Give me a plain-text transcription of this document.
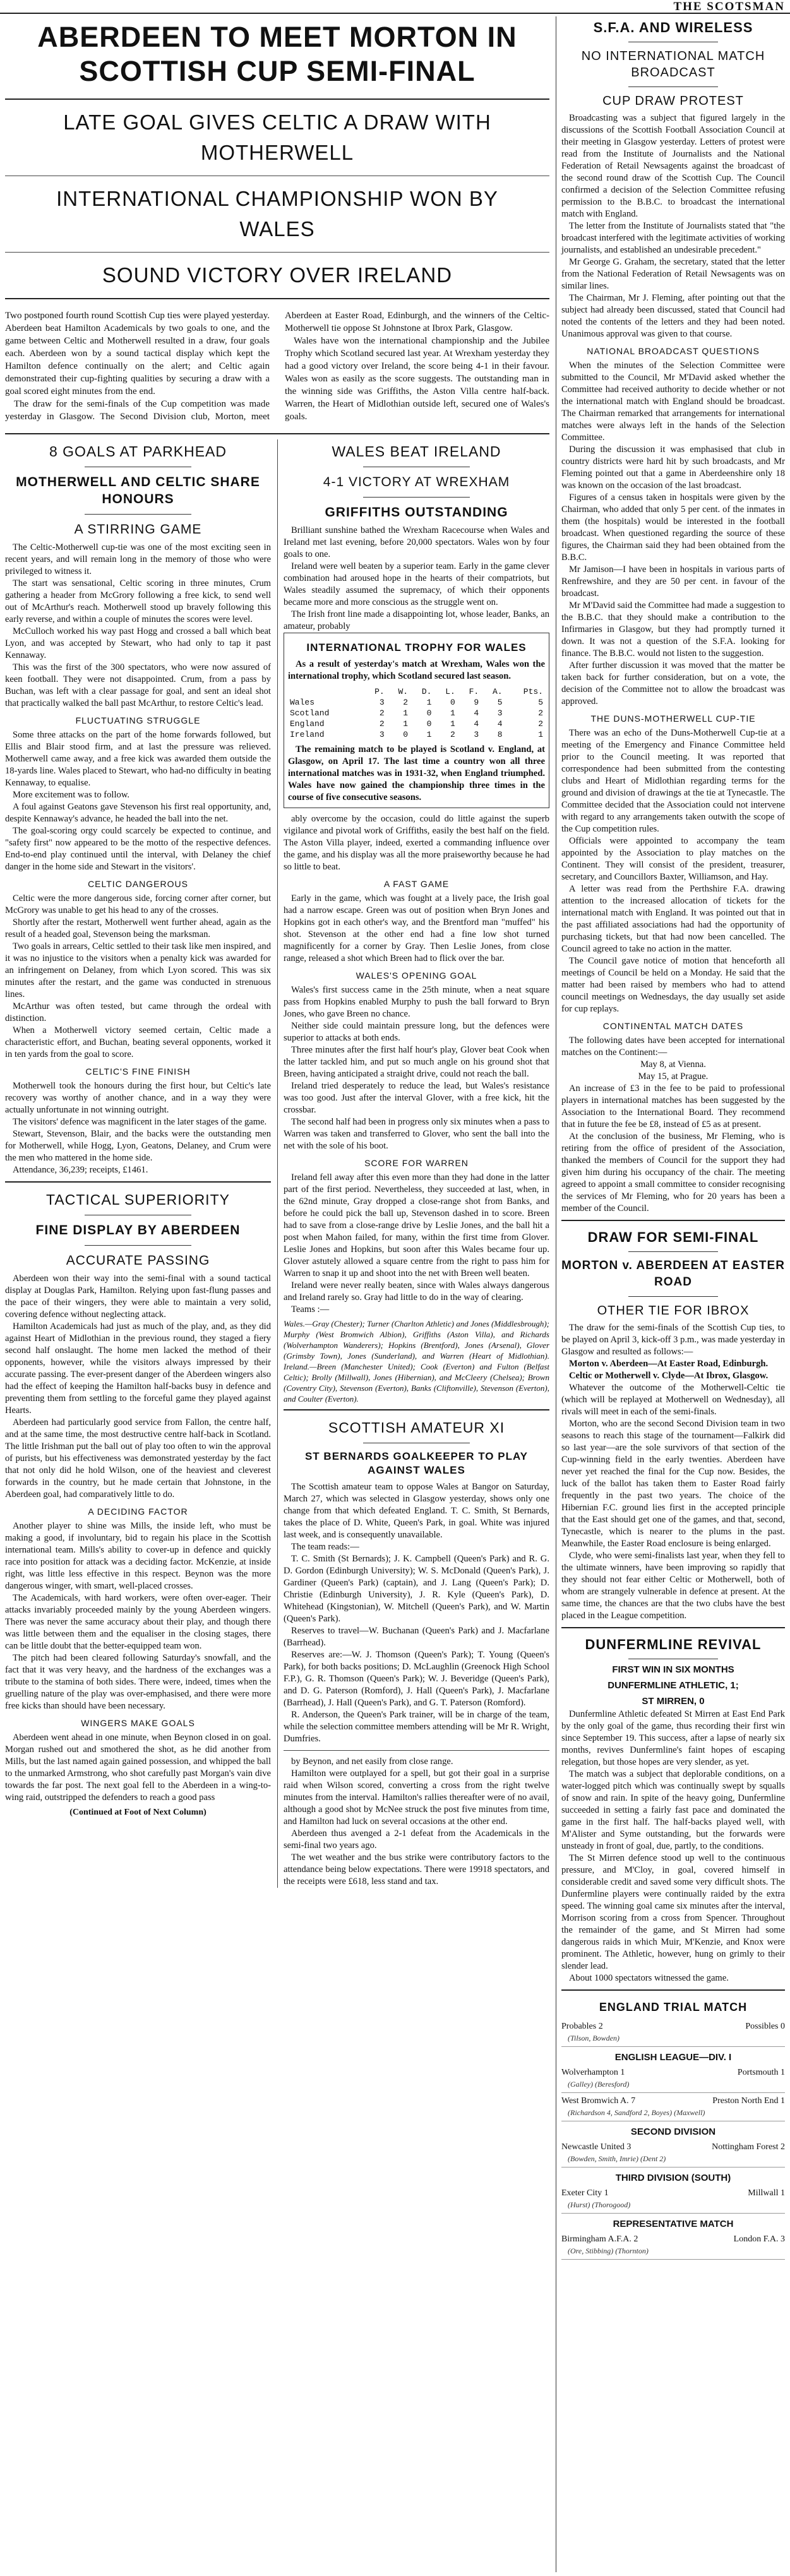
THE SCOTSMAN
ABERDEEN TO MEET MORTON IN SCOTTISH CUP SEMI-FINAL
LATE GOAL GIVES CELTIC A DRAW WITH MOTHERWELL
INTERNATIONAL CHAMPIONSHIP WON BY WALES
SOUND VICTORY OVER IRELAND

Two postponed fourth round Scottish Cup ties were played yesterday. Aberdeen beat Hamilton Academicals by two goals to one, and the game between Celtic and Motherwell resulted in a draw, four goals each. Aberdeen won by a sound tactical display which kept the Hamilton defence continually on the alert; and Celtic again demonstrated their cup-fighting qualities by securing a draw with a goal scored eight minutes from the end.

The draw for the semi-finals of the Cup competition was made yesterday in Glasgow. The Second Division club, Morton, meet Aberdeen at Easter Road, Edinburgh, and the winners of the Celtic-Motherwell tie oppose St Johnstone at Ibrox Park, Glasgow.

Wales have won the international championship and the Jubilee Trophy which Scotland secured last year. At Wrexham yesterday they had a good victory over Ireland, the score being 4-1 in their favour. Wales won as easily as the score suggests. The outstanding man in the winning side was Griffiths, the Aston Villa centre half-back. Warren, the Heart of Midlothian outside left, secured one of Wales's goals.

8 GOALS AT PARKHEAD
MOTHERWELL AND CELTIC SHARE HONOURS
A STIRRING GAME

The Celtic-Motherwell cup-tie was one of the most exciting seen in recent years, and will remain long in the memory of those who were privileged to witness it.

The start was sensational, Celtic scoring in three minutes, Crum gathering a header from McGrory following a free kick, to send well out of McArthur's reach. Motherwell stood up bravely following this early reverse, and within a couple of minutes the scores were level.

McCulloch worked his way past Hogg and crossed a ball which beat Lyon, and was accepted by Stewart, who had only to tap it past Kennaway.

This was the first of the 300 spectators, who were now assured of keen football. They were not disappointed. Crum, from a pass by Buchan, was left with a clear passage for goal, and sent an ideal shot that practically walked the ball past McArthur, to restore Celtic's lead.

FLUCTUATING STRUGGLE

Some three attacks on the part of the home forwards followed, but Ellis and Blair stood firm, and at last the pressure was relieved. Motherwell came away, and a free kick was awarded them outside the 18-yards line. Wales placed to Stewart, who had-no difficulty in beating Kennaway, to equalise.

More excitement was to follow.

A foul against Geatons gave Stevenson his first real opportunity, and, despite Kennaway's advance, he headed the ball into the net.

The goal-scoring orgy could scarcely be expected to continue, and "safety first" now appeared to be the motto of the respective defences. End-to-end play continued until the interval, with Delaney the chief danger in the home side and Stewart in the visitors'.

CELTIC DANGEROUS

Celtic were the more dangerous side, forcing corner after corner, but McGrory was unable to get his head to any of the crosses.

Shortly after the restart, Motherwell went further ahead, again as the result of a headed goal, Stevenson being the marksman.

Two goals in arrears, Celtic settled to their task like men inspired, and it was no injustice to the visitors when a penalty kick was awarded for an infringement on Delaney, from which Lyon scored. This was six minutes after the restart, and the game was conducted in strenuous lines.

McArthur was often tested, but came through the ordeal with distinction.

When a Motherwell victory seemed certain, Celtic made a characteristic effort, and Buchan, beating several opponents, worked it in ten yards from the goal to score.

CELTIC'S FINE FINISH

Motherwell took the honours during the first hour, but Celtic's late recovery was worthy of another chance, and in a way they were actually unfortunate in not winning outright.

The visitors' defence was magnificent in the later stages of the game.

Stewart, Stevenson, Blair, and the backs were the outstanding men for Motherwell, while Hogg, Lyon, Geatons, Delaney, and Crum were the men who mattered in the home side.

Attendance, 36,239; receipts, £1461.

TACTICAL SUPERIORITY
FINE DISPLAY BY ABERDEEN
ACCURATE PASSING

Aberdeen won their way into the semi-final with a sound tactical display at Douglas Park, Hamilton. Relying upon fast-flung passes and the pace of their wingers, they were able to maintain a very solid, covering defence without neglecting attack.

Hamilton Academicals had just as much of the play, and, as they did against Heart of Midlothian in the previous round, they staged a fiery second half onslaught. The home men lacked the method of their opponents, however, while the visitors always impressed by their accurate passing. The ever-present danger of the Aberdeen wingers also had the effect of keeping the Hamilton half-backs busy in defence and preventing them from settling to the forceful game they played against Hearts.

Aberdeen had particularly good service from Fallon, the centre half, and at the same time, the most destructive centre half-back in Scotland. The little Irishman put the ball out of play too often to win the approval of purists, but his effectiveness was demonstrated yesterday by the fact that not only did he hold Wilson, one of the heaviest and cleverest forwards in the country, but he made certain that Johnstone, in the Aberdeen goal, had comparatively little to do.

A DECIDING FACTOR

Another player to shine was Mills, the inside left, who must be making a good, if involuntary, bid to regain his place in the Scottish international team. Mills's ability to cover-up in defence and quickly race into position for attack was a deciding factor. McKenzie, at inside right, was little less effective in this respect. Beynon was the more dangerous winger, with smart, well-placed crosses.

The Academicals, with hard workers, were often over-eager. Their attacks invariably proceeded mainly by the young Aberdeen wingers. There was never the same accuracy about their play, and though there was little between them and the equaliser in the closing stages, there can be little doubt that the better-equipped team won.

The pitch had been cleared following Saturday's snowfall, and the fact that it was very heavy, and the hardness of the exchanges was a tribute to the stamina of both sides. There were, indeed, times when the gruelling nature of the play was over-emphasised, and there were more free kicks than should have been necessary.

WINGERS MAKE GOALS

Aberdeen went ahead in one minute, when Beynon closed in on goal. Morgan rushed out and smothered the shot, as he did another from Mills, but the last named again gained possession, and whipped the ball to the unmarked Armstrong, who shot carefully past Morgan's vain dive towards the far post. The next goal fell to the Aberdeen in a wing-to-wing raid, outstripped the defenders to reach a good pass

(Continued at Foot of Next Column)
WALES BEAT IRELAND
4-1 VICTORY AT WREXHAM
GRIFFITHS OUTSTANDING

Brilliant sunshine bathed the Wrexham Racecourse when Wales and Ireland met last evening, before 20,000 spectators. Wales won by four goals to one.

Ireland were well beaten by a superior team. Early in the game clever combination had aroused hope in the hearts of their compatriots, but Wales steadily assumed the supremacy, of which their opponents became more and more conscious as the struggle went on.

The Irish front line made a disappointing lot, whose leader, Banks, an amateur, probably

INTERNATIONAL TROPHY FOR WALES

As a result of yesterday's match at Wrexham, Wales won the international trophy, which Scotland secured last season.

	P.	W.	D.	L.	F.	A.	Pts.
Wales	3	2	1	0	9	5	5
Scotland	2	1	0	1	4	3	2
England	2	1	0	1	4	4	2
Ireland	3	0	1	2	3	8	1

The remaining match to be played is Scotland v. England, at Glasgow, on April 17. The last time a country won all three international matches was in 1931-32, when England triumphed. Wales have now gained the championship three times in the course of five consecutive seasons.

ably overcome by the occasion, could do little against the superb vigilance and pivotal work of Griffiths, easily the best half on the field. The Aston Villa player, indeed, exerted a commanding influence over the game, and his display was all the more praiseworthy because he had so little to beat.

A FAST GAME

Early in the game, which was fought at a lively pace, the Irish goal had a narrow escape. Green was out of position when Bryn Jones and Hopkins got in each other's way, and the Brentford man "muffed" his shot. Stevenson at the other end had a fine low shot turned magnificently for a corner by Gray. Then Leslie Jones, from close range, released a shot which Breen had to flick over the bar.

WALES'S OPENING GOAL

Wales's first success came in the 25th minute, when a neat square pass from Hopkins enabled Murphy to push the ball forward to Bryn Jones, who gave Breen no chance.

Neither side could maintain pressure long, but the defences were superior to attacks at both ends.

Three minutes after the first half hour's play, Glover beat Cook when the latter tackled him, and put so much angle on his ground shot that Breen, having anticipated a straight drive, could not reach the ball.

Ireland tried desperately to reduce the lead, but Wales's resistance was too good. Just after the interval Glover, with a free kick, hit the crossbar.

The second half had been in progress only six minutes when a pass to Warren was taken and transferred to Glover, who sent the ball into the net with the sole of his boot.

SCORE FOR WARREN

Ireland fell away after this even more than they had done in the latter part of the first period. Nevertheless, they succeeded at last, when, in the 62nd minute, Gray dropped a close-range shot from Banks, and before he could pick the ball up, Stevenson dashed in to score. Breen had to save from a close-range drive by Leslie Jones, and the ball hit a post when Mahon failed, for many, within the first time from Glover. Leslie Jones and Hopkins, but soon after this Wales became four up. Glover astutely allowed a square centre from the right to pass him for Warren to snap it up and shoot into the net with Breen well beaten.

Ireland were never really beaten, since with Wales always dangerous and Ireland rarely so. Gray had little to do in the way of clearing.

Teams :—

Wales.—Gray (Chester); Turner (Charlton Athletic) and Jones (Middlesbrough); Murphy (West Bromwich Albion), Griffiths (Aston Villa), and Richards (Wolverhampton Wanderers); Hopkins (Brentford), Jones (Arsenal), Glover (Grimsby Town), Jones (Sunderland), and Warren (Heart of Midlothian). Ireland.—Breen (Manchester United); Cook (Everton) and Fulton (Belfast Celtic); Brolly (Millwall), Jones (Hibernian), and McCleery (Chelsea); Brown (Coventry City), Stevenson (Everton), Banks (Cliftonville), Stevenson (Everton), and Coulter (Everton).
SCOTTISH AMATEUR XI
ST BERNARDS GOALKEEPER TO PLAY AGAINST WALES

The Scottish amateur team to oppose Wales at Bangor on Saturday, March 27, which was selected in Glasgow yesterday, shows only one change from that which defeated England. T. C. Smith, St Bernards, takes the place of D. White, Queen's Park, in goal. White was injured last week, and is consequently unavailable.

The team reads:—

T. C. Smith (St Bernards); J. K. Campbell (Queen's Park) and R. G. D. Gordon (Edinburgh University); W. S. McDonald (Queen's Park), J. Gardiner (Queen's Park) (captain), and J. Lang (Queen's Park); D. Christie (Edinburgh University), J. R. Kyle (Queen's Park), D. Whitehead (Kingstonian), W. Mitchell (Queen's Park), and W. Martin (Queen's Park).

Reserves to travel—W. Buchanan (Queen's Park) and J. Macfarlane (Barrhead).

Reserves are:—W. J. Thomson (Queen's Park); T. Young (Queen's Park), for both backs positions; D. McLaughlin (Greenock High School F.P.), G. R. Thomson (Queen's Park); W. J. Beveridge (Queen's Park), and D. G. Paterson (Romford), J. Hall (Queen's Park), J. Macfarlane (Barrhead), J. Hall (Queen's Park), and G. T. Paterson (Romford).

R. Anderson, the Queen's Park trainer, will be in charge of the team, while the selection committee members attending will be Mr R. Wright, Dumfries.

by Beynon, and net easily from close range.

Hamilton were outplayed for a spell, but got their goal in a surprise raid when Wilson scored, converting a cross from the right twelve minutes from the interval. Hamilton's rallies thereafter were of no avail, although a good shot by McNee struck the post five minutes from time, and Hamilton had luck on several occasions at the other end.

Aberdeen thus avenged a 2-1 defeat from the Academicals in the semi-final two years ago.

The wet weather and the bus strike were contributory factors to the attendance being below expectations. There were 19918 spectators, and the receipts were £618, less stand and tax.

S.F.A. AND WIRELESS
NO INTERNATIONAL MATCH BROADCAST
CUP DRAW PROTEST

Broadcasting was a subject that figured largely in the discussions of the Scottish Football Association Council at their meeting in Glasgow yesterday. Letters of protest were read from the Institute of Journalists and the National Federation of Retail Newsagents against the broadcast of the second round draw of the Scottish Cup. The Council confirmed a decision of the Selection Committee refusing permission to the B.B.C. to broadcast the international match with England.

The letter from the Institute of Journalists stated that "the broadcast interfered with the legitimate activities of working journalists, and established an undesirable precedent."

Mr George G. Graham, the secretary, stated that the letter from the National Federation of Retail Newsagents was on similar lines.

The Chairman, Mr J. Fleming, after pointing out that the subject had already been discussed, stated that Council had noted the contents of the letters and they had been noted. Unanimous approval was given to that course.

NATIONAL BROADCAST QUESTIONS

When the minutes of the Selection Committee were submitted to the Council, Mr M'David asked whether the Committee had received authority to decide whether or not the international match with England should be broadcast. The Chairman remarked that arrangements for international matches were always left in the hands of the Selection Committee.

During the discussion it was emphasised that club in country districts were hard hit by such broadcasts, and Mr Fleming pointed out that a game in Aberdeenshire only 18 was known on the occasion of the last broadcast.

Figures of a census taken in hospitals were given by the Chairman, who added that only 5 per cent. of the inmates in them (the hospitals) would be interested in the football broadcast. When questioned regarding the source of these figures, the Chairman said they had been obtained from the B.B.C.

Mr Jamison—I have been in hospitals in various parts of Renfrewshire, and they are 50 per cent. in favour of the broadcast.

Mr M'David said the Committee had made a suggestion to the B.B.C. that they should make a contribution to the Infirmaries in Glasgow, but they had promptly turned it down. It was not a question of the S.F.A. looking for finance. The B.B.C. would not listen to the suggestion.

After further discussion it was moved that the matter be taken back for further consideration, but on a vote, the decision of the Committee not to allow the broadcast was approved.

THE DUNS-MOTHERWELL CUP-TIE

There was an echo of the Duns-Motherwell Cup-tie at a meeting of the Emergency and Finance Committee held prior to the Council meeting. It was reported that correspondence had been submitted from the contesting clubs and Heart of Midlothian regarding terms for the ground and division of drawings at the tie at Tynecastle. The Committee decided that the Association could not intervene with regard to any arrangements taken outwith the scope of the Cup competition rules.

Officials were appointed to accompany the team appointed by the Association to play matches on the Continent. They will consist of the president, treasurer, secretary, and Councillors Baxter, Williamson, and Hay.

A letter was read from the Perthshire F.A. drawing attention to the increased allocation of tickets for the international match with England. It was pointed out that in the past affiliated associations had had the opportunity of purchasing tickets, but that had now been cancelled. The Council agreed to take no action in the matter.

The Council gave notice of motion that henceforth all meetings of Council be held on a Monday. He said that the matter had been raised by members who had to attend council meetings on Wednesdays, the day usually set aside for cup replays.

CONTINENTAL MATCH DATES

The following dates have been accepted for international matches on the Continent:—

May 8, at Vienna.

May 15, at Prague.

An increase of £3 in the fee to be paid to professional players in international matches has been suggested by the Association to the International Board. They recommend that in future the fee be £8, instead of £5 as at present.

At the conclusion of the business, Mr Fleming, who is retiring from the office of president of the Association, thanked the members of Council for the support they had given him during his occupancy of the chair. The meeting agreed to appoint a small committee to consider recognising the services of Mr Fleming, who for 20 years has been a member of the Council.

DRAW FOR SEMI-FINAL
MORTON v. ABERDEEN AT EASTER ROAD
OTHER TIE FOR IBROX

The draw for the semi-finals of the Scottish Cup ties, to be played on April 3, kick-off 3 p.m., was made yesterday in Glasgow and resulted as follows:—

Morton v. Aberdeen—At Easter Road, Edinburgh.

Celtic or Motherwell v. Clyde—At Ibrox, Glasgow.

Whatever the outcome of the Motherwell-Celtic tie (which will be replayed at Motherwell on Wednesday), all rivals will meet in each of the semi-finals.

Morton, who are the second Second Division team in two seasons to reach this stage of the tournament—Falkirk did so last year—are the sole survivors of that section of the Cup-winning field in the early twenties. Aberdeen have never yet reached the final for the Cup now. Besides, the luck of the ballot has taken them to Easter Road fairly frequently in the past two years. The choice of the Hibernian F.C. ground lies first in the accepted principle that the East should get one of the games, and that, second, Tynecastle, which is nearer to the plums in the past. Meanwhile, the Easter Road enclosure is being enlarged.

Clyde, who were semi-finalists last year, when they fell to the ultimate winners, have been improving so rapidly that they should not fear either Celtic or Motherwell, both of whom are strangely vulnerable in defence at present. At the same time, the chances are that the two clubs have the best placed in the League competition.

DUNFERMLINE REVIVAL
FIRST WIN IN SIX MONTHS
DUNFERMLINE ATHLETIC, 1;
ST MIRREN, 0

Dunfermline Athletic defeated St Mirren at East End Park by the only goal of the game, thus recording their first win since September 19. This success, after a lapse of nearly six months, revives Dunfermline's faint hopes of escaping relegation, but those hopes are very slender, as yet.

The match was a subject that deplorable conditions, on a water-logged pitch which was continually swept by squalls of snow and rain. In spite of the heavy going, Dunfermline succeeded in setting a fairly fast pace and dominated the game in the first half. The half-backs played well, with M'Alister and Syme outstanding, but the forwards were unsteady in front of goal, due, partly, to the conditions.

The St Mirren defence stood up well to the continuous pressure, and M'Cloy, in goal, covered himself in considerable credit and saved some very difficult shots. The Dunfermline players were continually raided by the extra speed. The winning goal came six minutes after the interval, Morrison scoring from a cross from Spencer. Throughout the remainder of the game, and St Mirren had some dangerous raids in which Muir, M'Kenzie, and Knox were prominent. The Athletic, however, hung on grimly to their slender lead.

About 1000 spectators witnessed the game.

ENGLAND TRIAL MATCH
Probables 2	Possibles 0
(Tilson, Bowden)
ENGLISH LEAGUE—DIV. I
Wolverhampton 1	Portsmouth 1
(Galley) (Beresford)
West Bromwich A. 7	Preston North End 1
(Richardson 4, Sandford 2, Boyes) (Maxwell)
SECOND DIVISION
Newcastle United 3	Nottingham Forest 2
(Bowden, Smith, Imrie) (Dent 2)
THIRD DIVISION (SOUTH)
Exeter City 1	Millwall 1
(Hurst) (Thorogood)
REPRESENTATIVE MATCH
Birmingham A.F.A. 2	London F.A. 3
(Ore, Stibbing) (Thornton)
